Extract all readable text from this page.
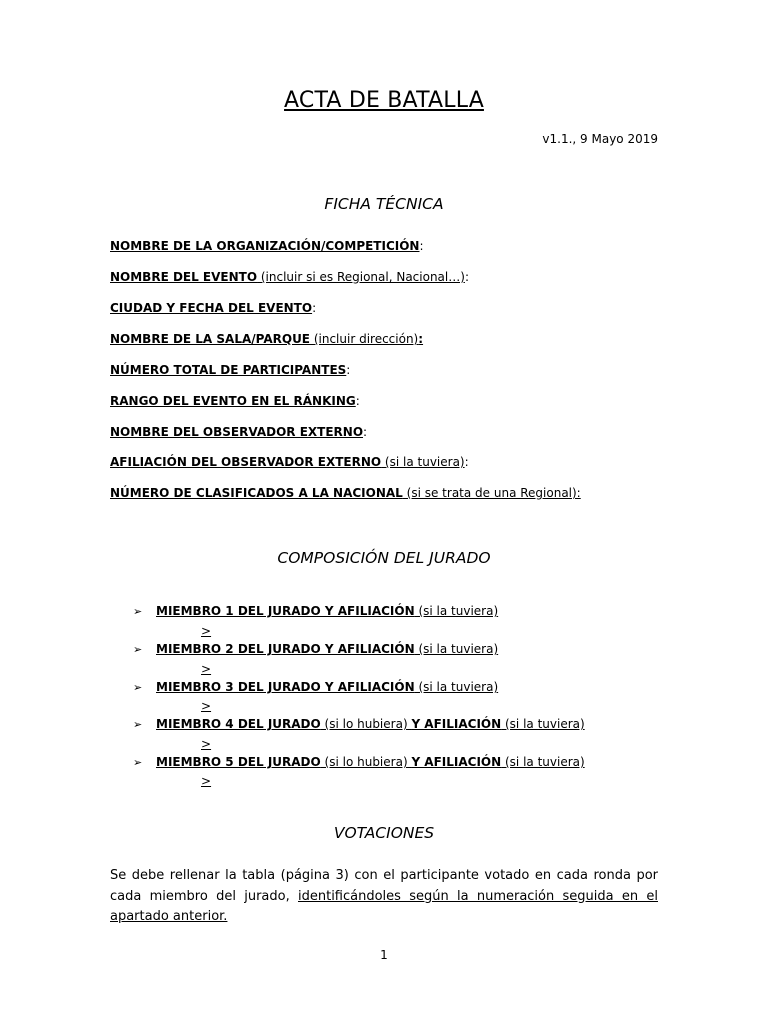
ACTA DE BATALLA
v1.1., 9 Mayo 2019
FICHA TÉCNICA
NOMBRE DE LA ORGANIZACIÓN/COMPETICIÓN:
NOMBRE DEL EVENTO (incluir si es Regional, Nacional…):
CIUDAD Y FECHA DEL EVENTO:
NOMBRE DE LA SALA/PARQUE (incluir dirección):
NÚMERO TOTAL DE PARTICIPANTES:
RANGO DEL EVENTO EN EL RÁNKING:
NOMBRE DEL OBSERVADOR EXTERNO:
AFILIACIÓN DEL OBSERVADOR EXTERNO (si la tuviera):
NÚMERO DE CLASIFICADOS A LA NACIONAL (si se trata de una Regional):
COMPOSICIÓN DEL JURADO
➢ MIEMBRO 1 DEL JURADO Y AFILIACIÓN (si la tuviera)
>
➢ MIEMBRO 2 DEL JURADO Y AFILIACIÓN (si la tuviera)
>
➢ MIEMBRO 3 DEL JURADO Y AFILIACIÓN (si la tuviera)
>
➢ MIEMBRO 4 DEL JURADO (si lo hubiera) Y AFILIACIÓN (si la tuviera)
>
➢ MIEMBRO 5 DEL JURADO (si lo hubiera) Y AFILIACIÓN (si la tuviera)
>
VOTACIONES
Se debe rellenar la tabla (página 3) con el participante votado en cada ronda por cada miembro del jurado, identificándoles según la numeración seguida en el apartado anterior.
1
